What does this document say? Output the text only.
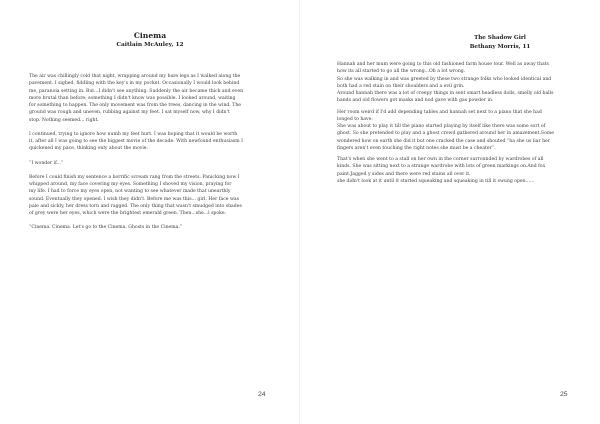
Cinema
Caitlain McAuley, 12
The air was chillingly cold that night, wrapping around my bare legs as I walked along the
pavement. I sighed, fiddling with the key's in my pocket. Occasionally I would look behind
me, paranoia setting in. But...I didn't see anything. Suddenly the air became thick and even
more brutal than before; something I didn't know was possible. I looked around, waiting
for something to happen. The only movement was from the trees, dancing in the wind. The
ground was rough and uneven, rubbing against my feet. I sat myself now, why I didn't
stop. Nothing seemed... right.
I continued, trying to ignore how numb my feet hurt. I was hoping that it would be worth
it, after all I was going to see the biggest movie of the decade. With newfound enthusiasm I
quickened my pace, thinking only about the movie.
“I wonder if...”
Before I could finish my sentence a horrific scream rang from the streets. Panicking now I
whipped around, my face covering my eyes. Something I shoved my vision, praying for
my life. I had to force my eyes open, not wanting to see whatever made that unearthly
sound. Eventually they opened. I wish they didn't. Before me was this... girl. Her face was
pale and sickly, her dress torn and ragged. The only thing that wasn't smudged into shades
of grey were her eyes, which were the brightest emerald green. Then...she...l spoke.
“Cinema. Cinema. Let's go to the Cinema. Ghosts in the Cinema.”
24
The Shadow Girl
Bethany Morris, 11
Hannah and her mum were going to this old fashioned farm house tour. Well as away thats
how its all started to go all the wrong...Oh a lot wrong.
So she was walking in and was greeted by these two strange folks who looked identical and
both had a red stain on their shoulders and a evil grin.
Around hannah there was a lot of creepy things in sent smart headless dolls, smelly old balls
hands and old flowers got masks and nod gave with gas powder in.
Her room weird if I'd add depending tables and hannah set next to a piano that she had
longed to have.
She was about to play it till the piano started playing by itself like there was some sort of
ghost. So she pretended to play and a ghost crowd gathered around her in amazement.Some
wondered how on earth she did it but one cracked the case and shouted “ha she us liar her
fingers aren't even touching the right notes she must be a cheater”.
That's when she went to a stall on her own in the corner surrounded by wardrobes of all
kinds. She was sitting next to a strange wardrobe with lots of green markings on.And fox
paint.Jagged y sides and there were red stains all over it.
she didn't look at it until it started squeaking and squeaking in till it swung open......
25
